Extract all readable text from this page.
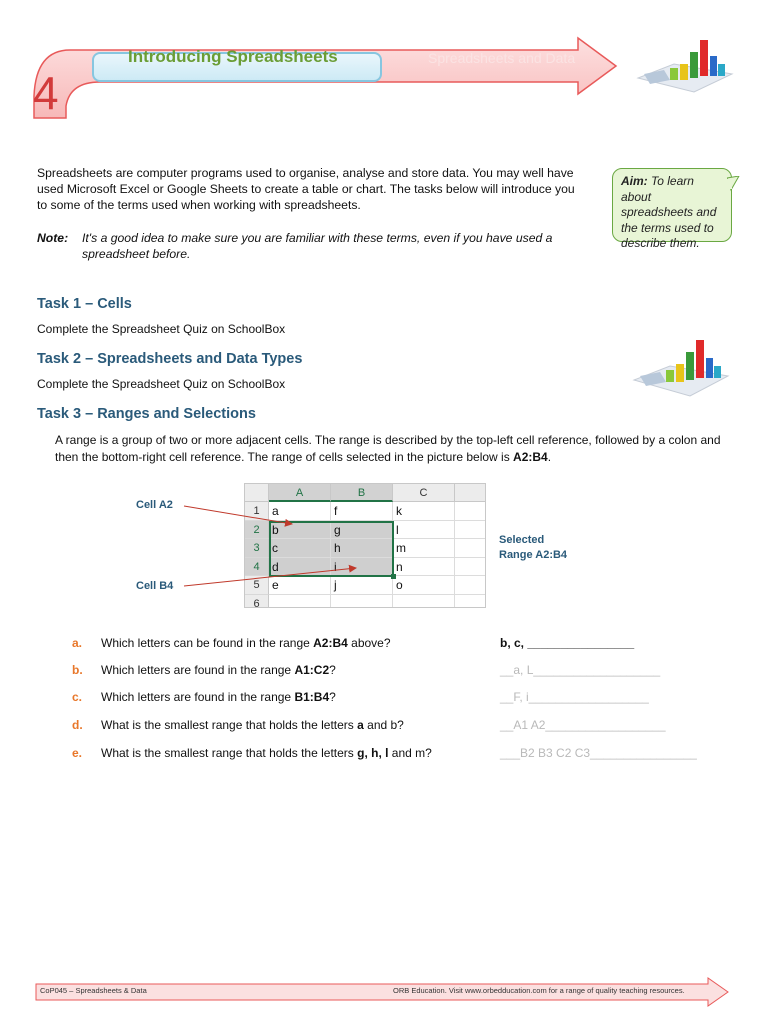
4
Introducing Spreadsheets	Spreadsheets and Data
Spreadsheets are computer programs used to organise, analyse and store data. You may well have used Microsoft Excel or Google Sheets to create a table or chart. The tasks below will introduce you to some of the terms used when working with spreadsheets.
Note: It's a good idea to make sure you are familiar with these terms, even if you have used a spreadsheet before.
Aim: To learn about spreadsheets and the terms used to describe them.
Task 1 – Cells
Complete the Spreadsheet Quiz on SchoolBox
Task 2 – Spreadsheets and Data Types
Complete the Spreadsheet Quiz on SchoolBox
Task 3 – Ranges and Selections
A range is a group of two or more adjacent cells. The range is described by the top-left cell reference, followed by a colon and then the bottom-right cell reference. The range of cells selected in the picture below is A2:B4.
A	B	C
1	a	f	k
2	b	g	l
3	c	h	m
4	d	i	n
5	e	j	o
6
Cell A2
Cell B4
Selected
Range A2:B4
a. Which letters can be found in the range A2:B4 above?	b, c, ________________
b. Which letters are found in the range A1:C2?	__a, L___________________
c. Which letters are found in the range B1:B4?	__F, i__________________
d. What is the smallest range that holds the letters a and b?	__A1 A2__________________
e. What is the smallest range that holds the letters g, h, l and m?	___B2 B3 C2 C3________________
CoP045 – Spreadsheets & Data	ORB Education. Visit www.orbedducation.com for a range of quality teaching resources.
